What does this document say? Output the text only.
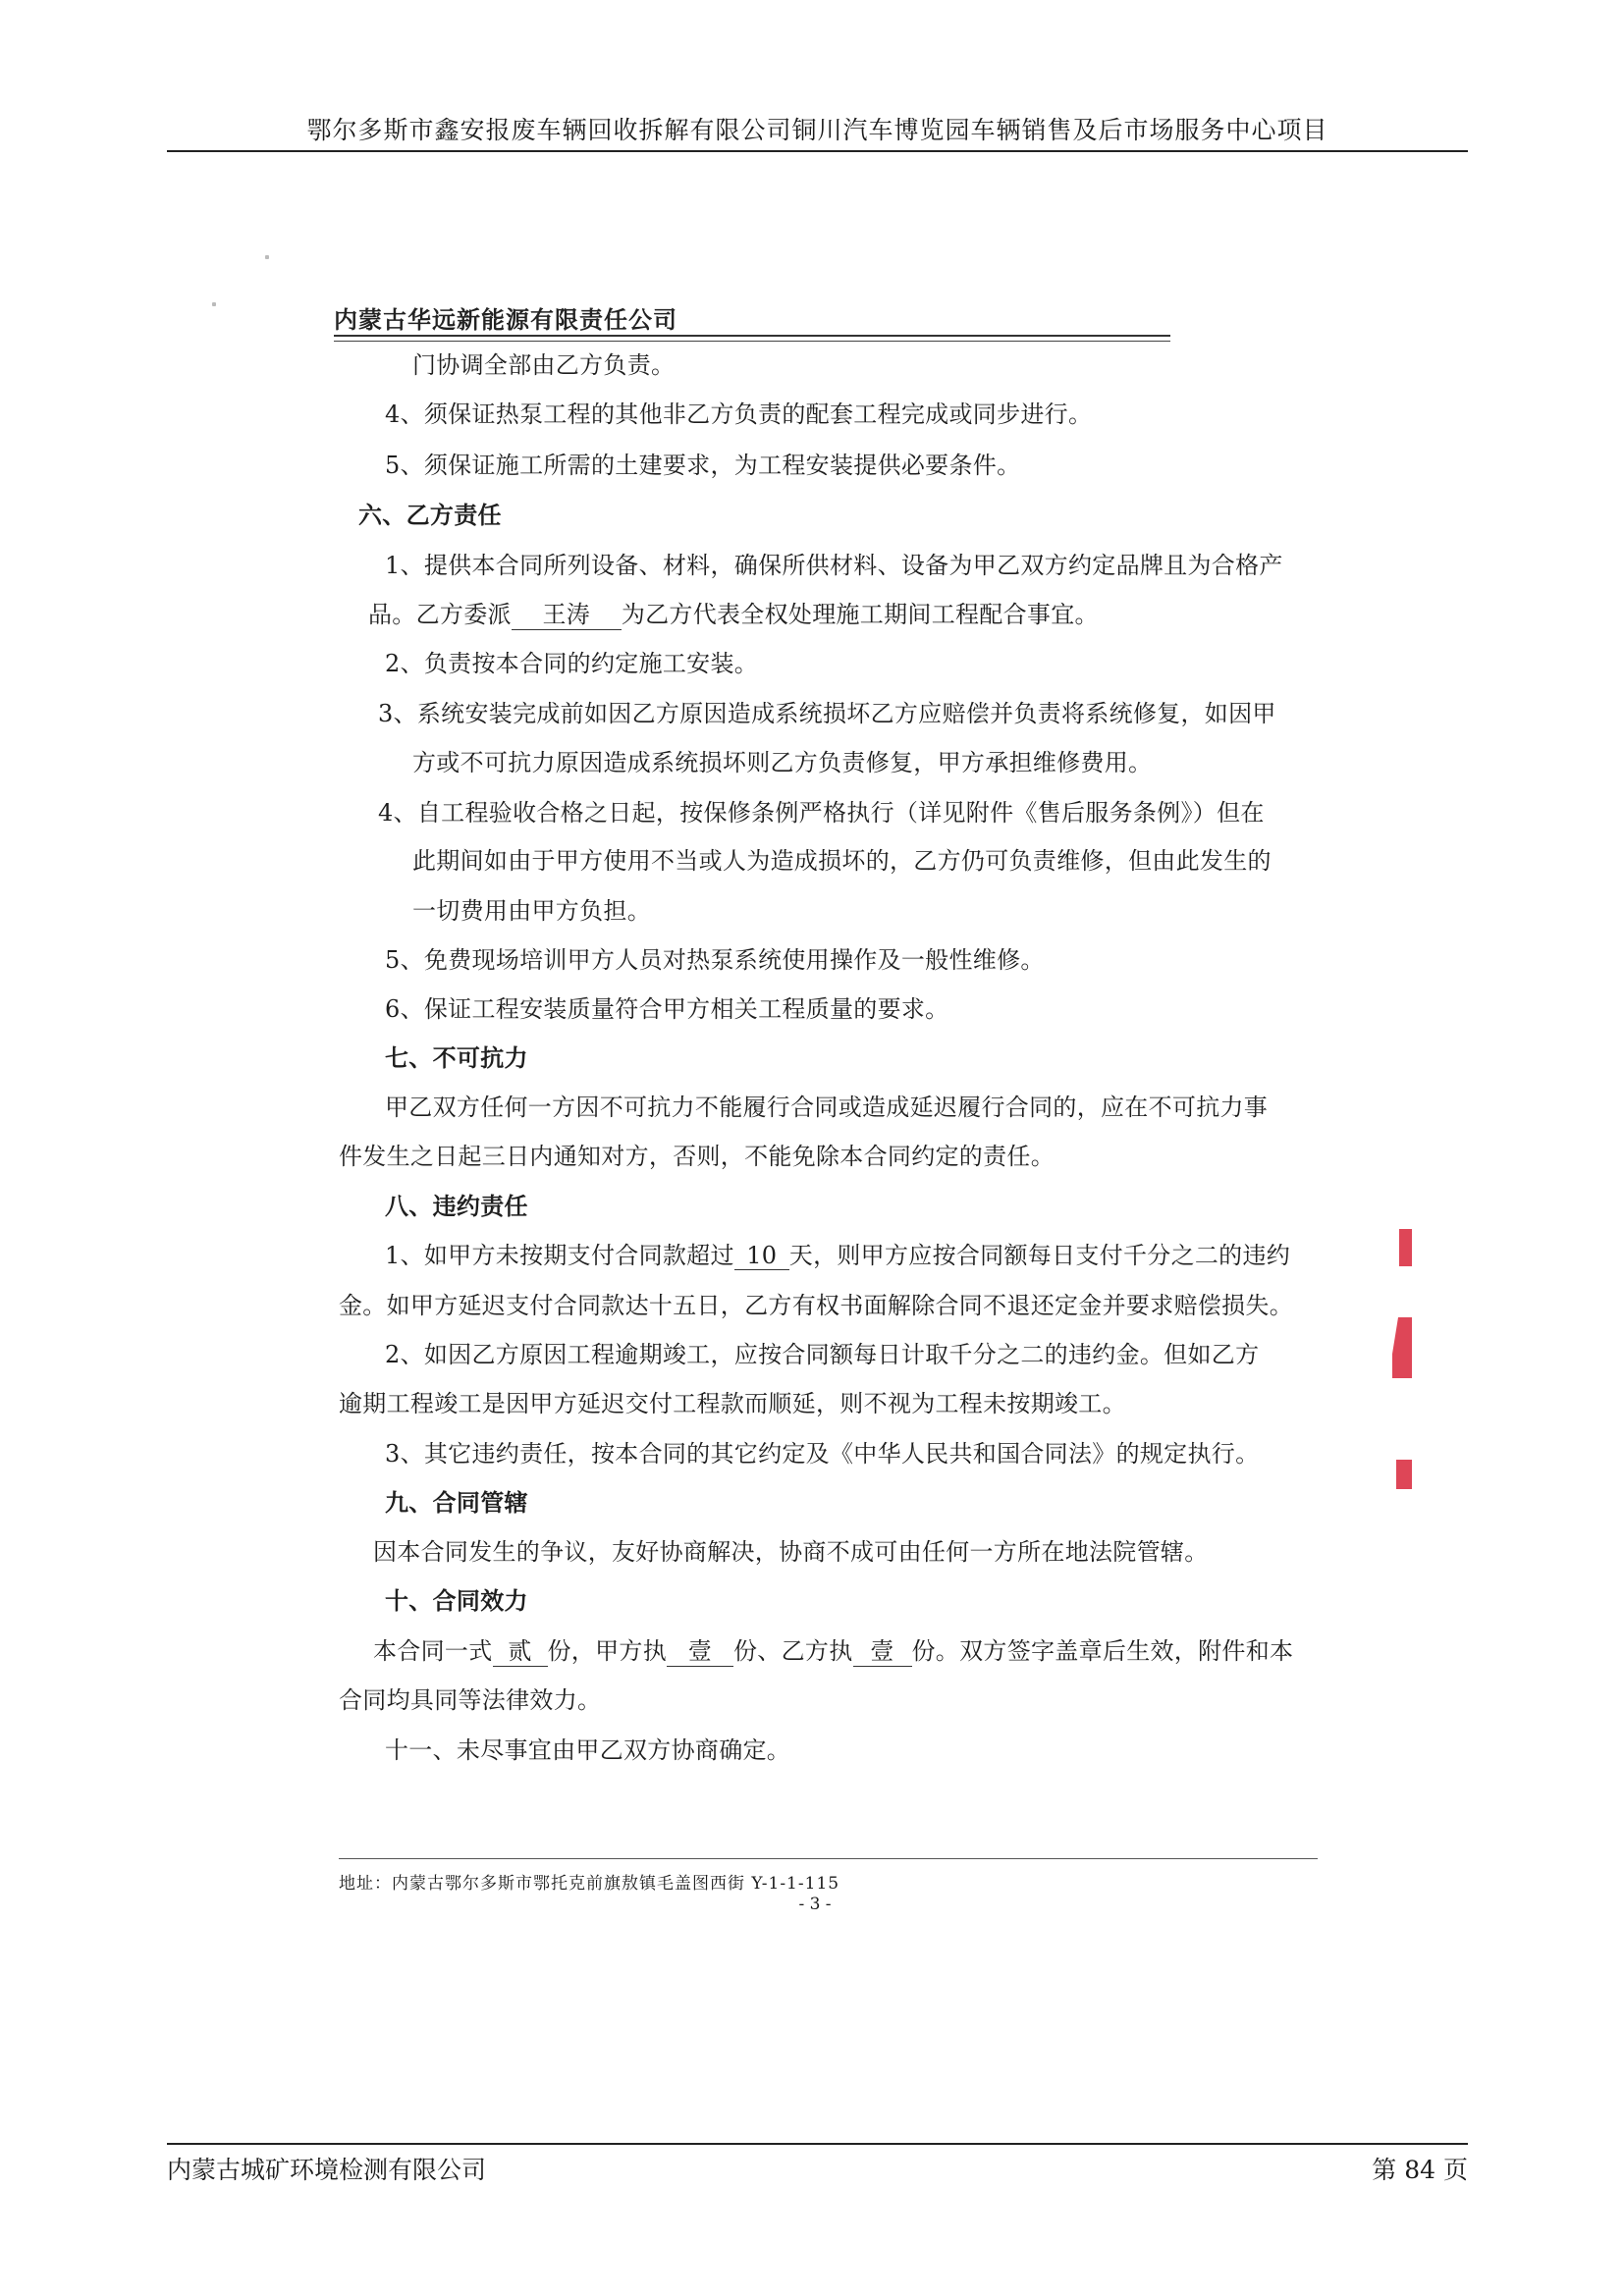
鄂尔多斯市鑫安报废车辆回收拆解有限公司铜川汽车博览园车辆销售及后市场服务中心项目
内蒙古华远新能源有限责任公司
门协调全部由乙方负责。
4、须保证热泵工程的其他非乙方负责的配套工程完成或同步进行。
5、须保证施工所需的土建要求，为工程安装提供必要条件。
六、乙方责任
1、提供本合同所列设备、材料，确保所供材料、设备为甲乙双方约定品牌且为合格产
品。乙方委派 王涛 为乙方代表全权处理施工期间工程配合事宜。
2、负责按本合同的约定施工安装。
3、系统安装完成前如因乙方原因造成系统损坏乙方应赔偿并负责将系统修复，如因甲
方或不可抗力原因造成系统损坏则乙方负责修复，甲方承担维修费用。
4、自工程验收合格之日起，按保修条例严格执行（详见附件《售后服务条例》）但在
此期间如由于甲方使用不当或人为造成损坏的，乙方仍可负责维修，但由此发生的
一切费用由甲方负担。
5、免费现场培训甲方人员对热泵系统使用操作及一般性维修。
6、保证工程安装质量符合甲方相关工程质量的要求。
七、不可抗力
甲乙双方任何一方因不可抗力不能履行合同或造成延迟履行合同的，应在不可抗力事
件发生之日起三日内通知对方，否则，不能免除本合同约定的责任。
八、违约责任
1、如甲方未按期支付合同款超过 10 天，则甲方应按合同额每日支付千分之二的违约
金。如甲方延迟支付合同款达十五日，乙方有权书面解除合同不退还定金并要求赔偿损失。
2、如因乙方原因工程逾期竣工，应按合同额每日计取千分之二的违约金。但如乙方
逾期工程竣工是因甲方延迟交付工程款而顺延，则不视为工程未按期竣工。
3、其它违约责任，按本合同的其它约定及《中华人民共和国合同法》的规定执行。
九、合同管辖
因本合同发生的争议，友好协商解决，协商不成可由任何一方所在地法院管辖。
十、合同效力
本合同一式 贰 份，甲方执 壹 份、乙方执 壹 份。双方签字盖章后生效，附件和本
合同均具同等法律效力。
十一、未尽事宜由甲乙双方协商确定。
地址：内蒙古鄂尔多斯市鄂托克前旗敖镇毛盖图西街 Y-1-1-115
- 3 -
内蒙古城矿环境检测有限公司	第 84 页
